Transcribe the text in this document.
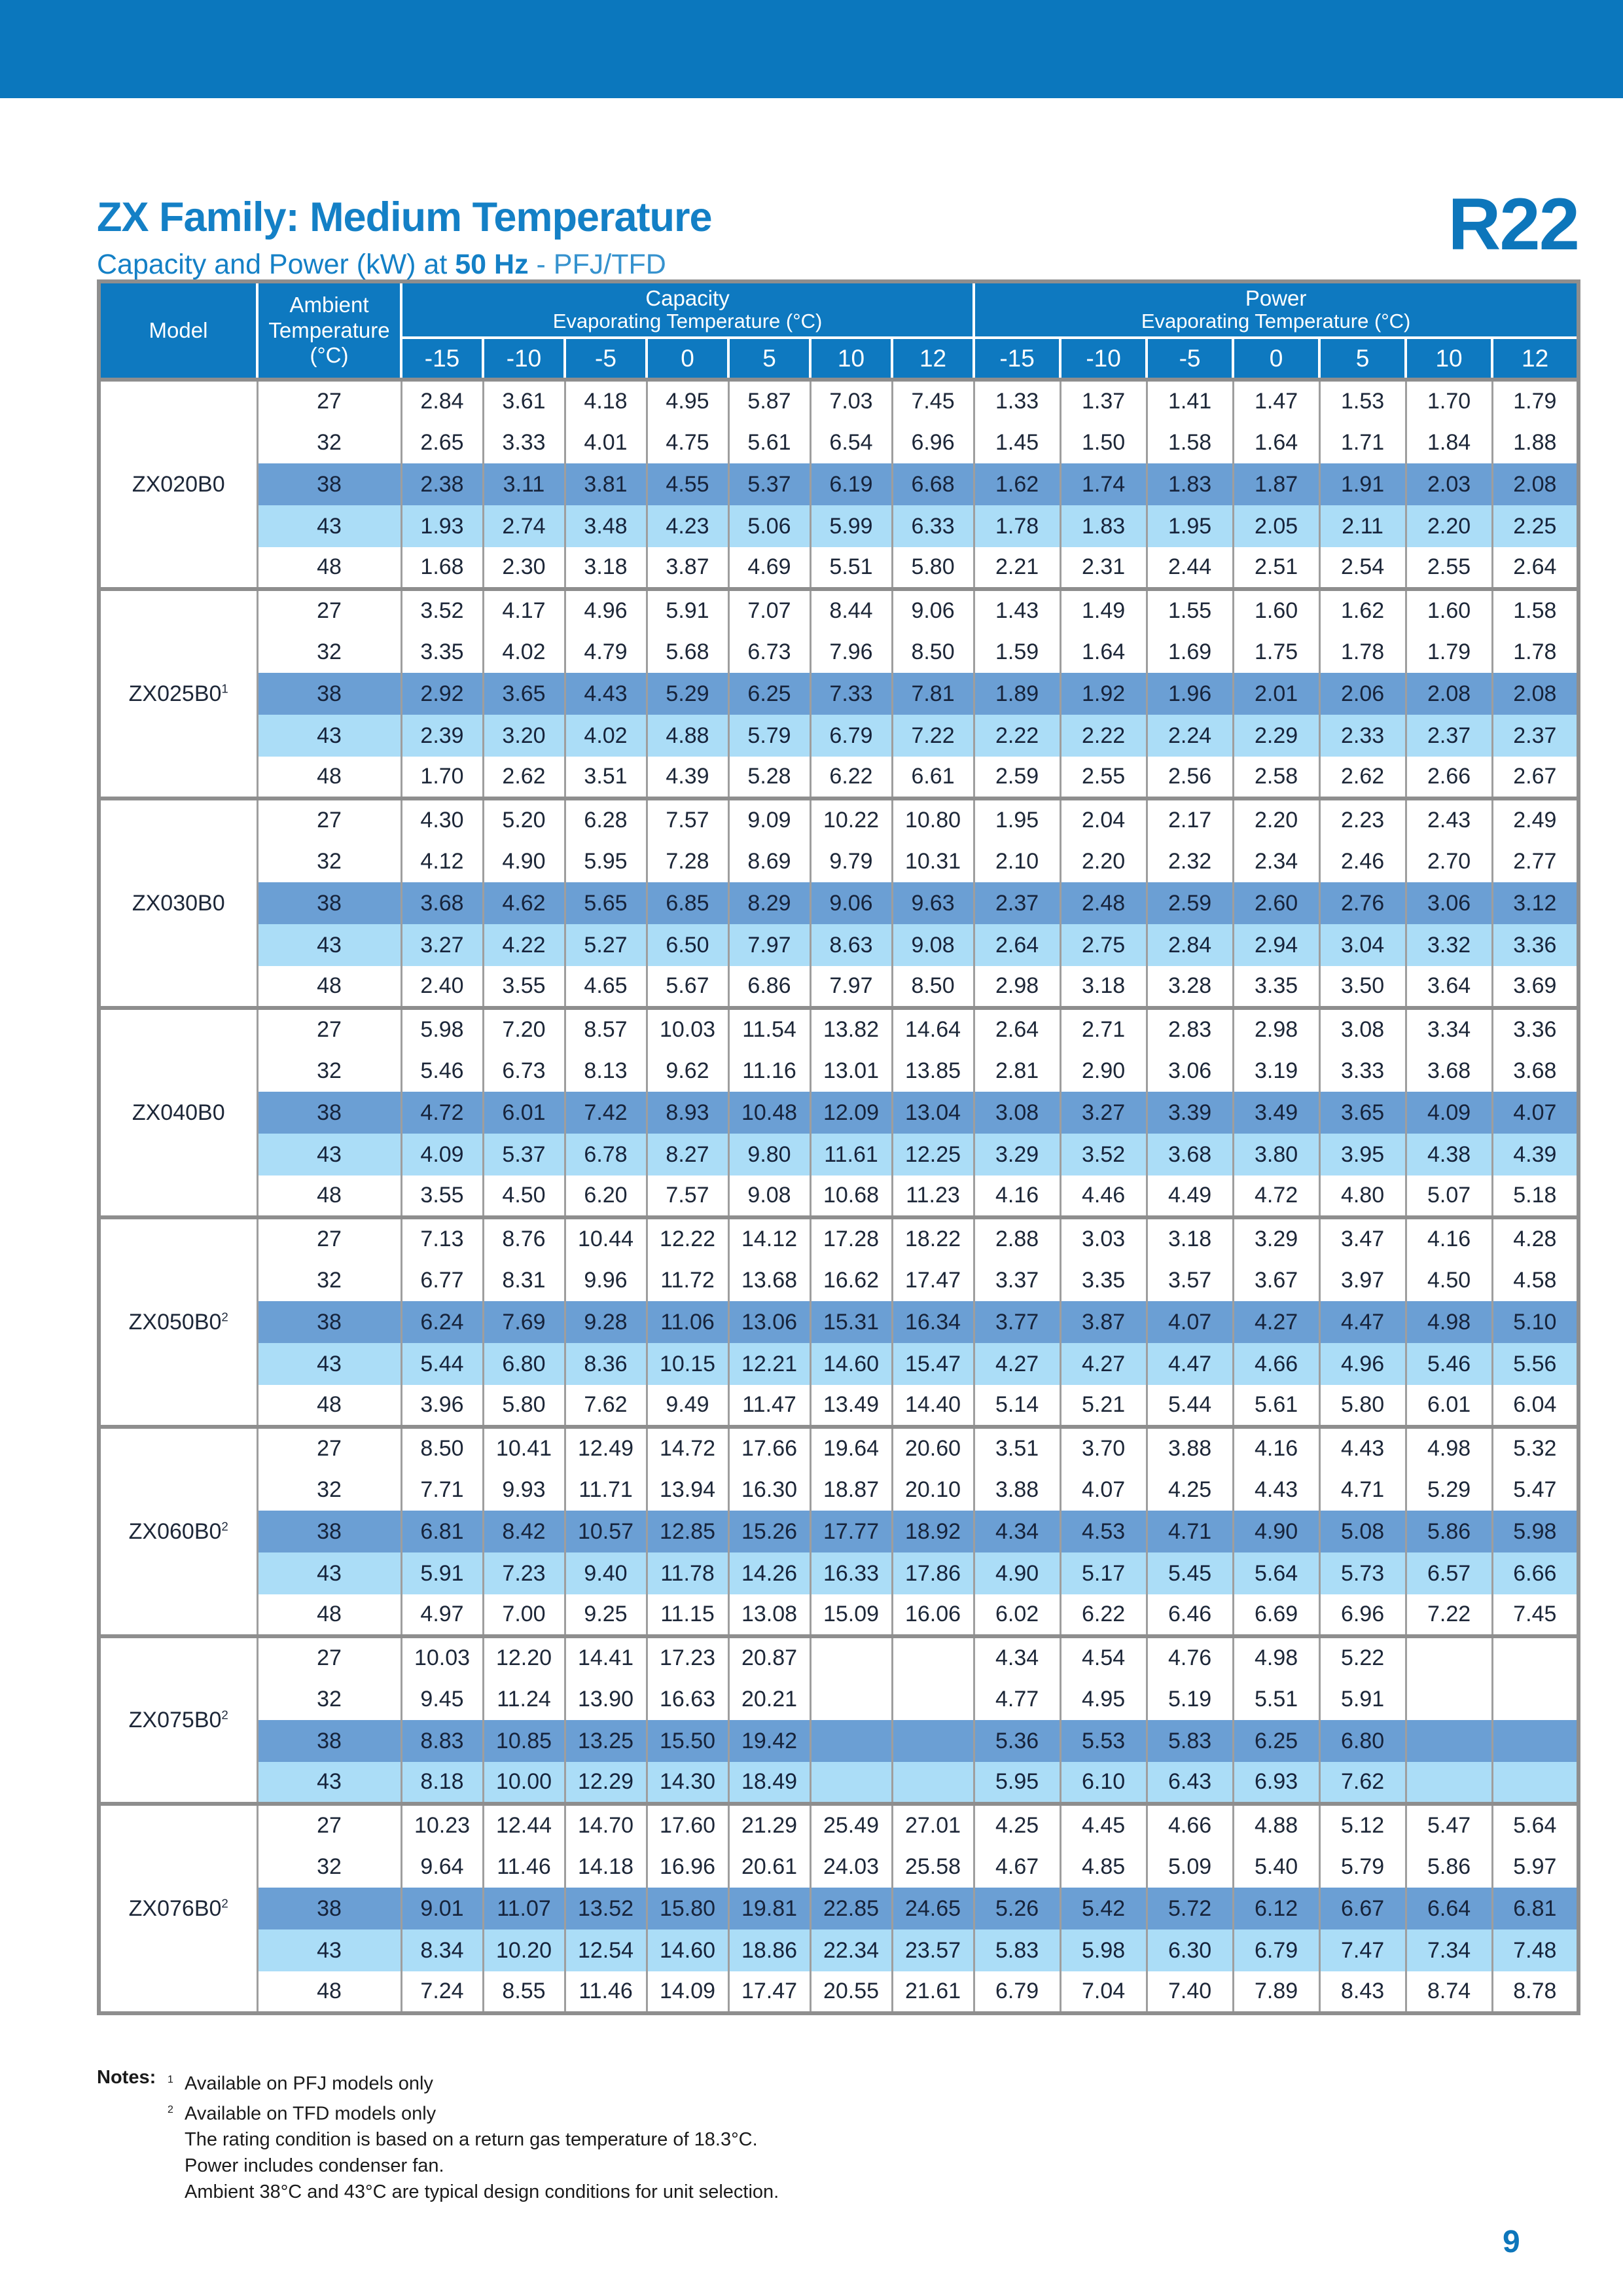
ZX Family: Medium Temperature
Capacity and Power (kW) at 50 Hz - PFJ/TFD	R22
Model	Ambient Temperature (°C)	
Capacity
Evaporating Temperature (°C)

Power
Evaporating Temperature (°C)

		-15	-10	-5	0	5	10	12	-15	-10	-5	0	5	10	12
ZX020B0	27	2.84	3.61	4.18	4.95	5.87	7.03	7.45	1.33	1.37	1.41	1.47	1.53	1.70	1.79
	32	2.65	3.33	4.01	4.75	5.61	6.54	6.96	1.45	1.50	1.58	1.64	1.71	1.84	1.88
	38	2.38	3.11	3.81	4.55	5.37	6.19	6.68	1.62	1.74	1.83	1.87	1.91	2.03	2.08
	43	1.93	2.74	3.48	4.23	5.06	5.99	6.33	1.78	1.83	1.95	2.05	2.11	2.20	2.25
	48	1.68	2.30	3.18	3.87	4.69	5.51	5.80	2.21	2.31	2.44	2.51	2.54	2.55	2.64
$ZX025B0^1$	27	3.52	4.17	4.96	5.91	7.07	8.44	9.06	1.43	1.49	1.55	1.60	1.62	1.60	1.58
	32	3.35	4.02	4.79	5.68	6.73	7.96	8.50	1.59	1.64	1.69	1.75	1.78	1.79	1.78
	38	2.92	3.65	4.43	5.29	6.25	7.33	7.81	1.89	1.92	1.96	2.01	2.06	2.08	2.08
	43	2.39	3.20	4.02	4.88	5.79	6.79	7.22	2.22	2.22	2.24	2.29	2.33	2.37	2.37
	48	1.70	2.62	3.51	4.39	5.28	6.22	6.61	2.59	2.55	2.56	2.58	2.62	2.66	2.67
ZX030B0	27	4.30	5.20	6.28	7.57	9.09	10.22	10.80	1.95	2.04	2.17	2.20	2.23	2.43	2.49
	32	4.12	4.90	5.95	7.28	8.69	9.79	10.31	2.10	2.20	2.32	2.34	2.46	2.70	2.77
	38	3.68	4.62	5.65	6.85	8.29	9.06	9.63	2.37	2.48	2.59	2.60	2.76	3.06	3.12
	43	3.27	4.22	5.27	6.50	7.97	8.63	9.08	2.64	2.75	2.84	2.94	3.04	3.32	3.36
	48	2.40	3.55	4.65	5.67	6.86	7.97	8.50	2.98	3.18	3.28	3.35	3.50	3.64	3.69
ZX040B0	27	5.98	7.20	8.57	10.03	11.54	13.82	14.64	2.64	2.71	2.83	2.98	3.08	3.34	3.36
	32	5.46	6.73	8.13	9.62	11.16	13.01	13.85	2.81	2.90	3.06	3.19	3.33	3.68	3.68
	38	4.72	6.01	7.42	8.93	10.48	12.09	13.04	3.08	3.27	3.39	3.49	3.65	4.09	4.07
	43	4.09	5.37	6.78	8.27	9.80	11.61	12.25	3.29	3.52	3.68	3.80	3.95	4.38	4.39
	48	3.55	4.50	6.20	7.57	9.08	10.68	11.23	4.16	4.46	4.49	4.72	4.80	5.07	5.18
$ZX050B0^2$	27	7.13	8.76	10.44	12.22	14.12	17.28	18.22	2.88	3.03	3.18	3.29	3.47	4.16	4.28
	32	6.77	8.31	9.96	11.72	13.68	16.62	17.47	3.37	3.35	3.57	3.67	3.97	4.50	4.58
	38	6.24	7.69	9.28	11.06	13.06	15.31	16.34	3.77	3.87	4.07	4.27	4.47	4.98	5.10
	43	5.44	6.80	8.36	10.15	12.21	14.60	15.47	4.27	4.27	4.47	4.66	4.96	5.46	5.56
	48	3.96	5.80	7.62	9.49	11.47	13.49	14.40	5.14	5.21	5.44	5.61	5.80	6.01	6.04
$ZX060B0^2$	27	8.50	10.41	12.49	14.72	17.66	19.64	20.60	3.51	3.70	3.88	4.16	4.43	4.98	5.32
	32	7.71	9.93	11.71	13.94	16.30	18.87	20.10	3.88	4.07	4.25	4.43	4.71	5.29	5.47
	38	6.81	8.42	10.57	12.85	15.26	17.77	18.92	4.34	4.53	4.71	4.90	5.08	5.86	5.98
	43	5.91	7.23	9.40	11.78	14.26	16.33	17.86	4.90	5.17	5.45	5.64	5.73	6.57	6.66
	48	4.97	7.00	9.25	11.15	13.08	15.09	16.06	6.02	6.22	6.46	6.69	6.96	7.22	7.45
$ZX075B0^2$	27	10.03	12.20	14.41	17.23	20.87			4.34	4.54	4.76	4.98	5.22		
	32	9.45	11.24	13.90	16.63	20.21			4.77	4.95	5.19	5.51	5.91		
	38	8.83	10.85	13.25	15.50	19.42			5.36	5.53	5.83	6.25	6.80		
	43	8.18	10.00	12.29	14.30	18.49			5.95	6.10	6.43	6.93	7.62		
$ZX076B0^2$	27	10.23	12.44	14.70	17.60	21.29	25.49	27.01	4.25	4.45	4.66	4.88	5.12	5.47	5.64
	32	9.64	11.46	14.18	16.96	20.61	24.03	25.58	4.67	4.85	5.09	5.40	5.79	5.86	5.97
	38	9.01	11.07	13.52	15.80	19.81	22.85	24.65	5.26	5.42	5.72	6.12	6.67	6.64	6.81
	43	8.34	10.20	12.54	14.60	18.86	22.34	23.57	5.83	5.98	6.30	6.79	7.47	7.34	7.48
	48	7.24	8.55	11.46	14.09	17.47	20.55	21.61	6.79	7.04	7.40	7.89	8.43	8.74	8.78
Notes:	1 Available on PFJ models only
2 Available on TFD models only
The rating condition is based on a return gas temperature of 18.3°C.
Power includes condenser fan.
Ambient 38°C and 43°C are typical design conditions for unit selection.
9
